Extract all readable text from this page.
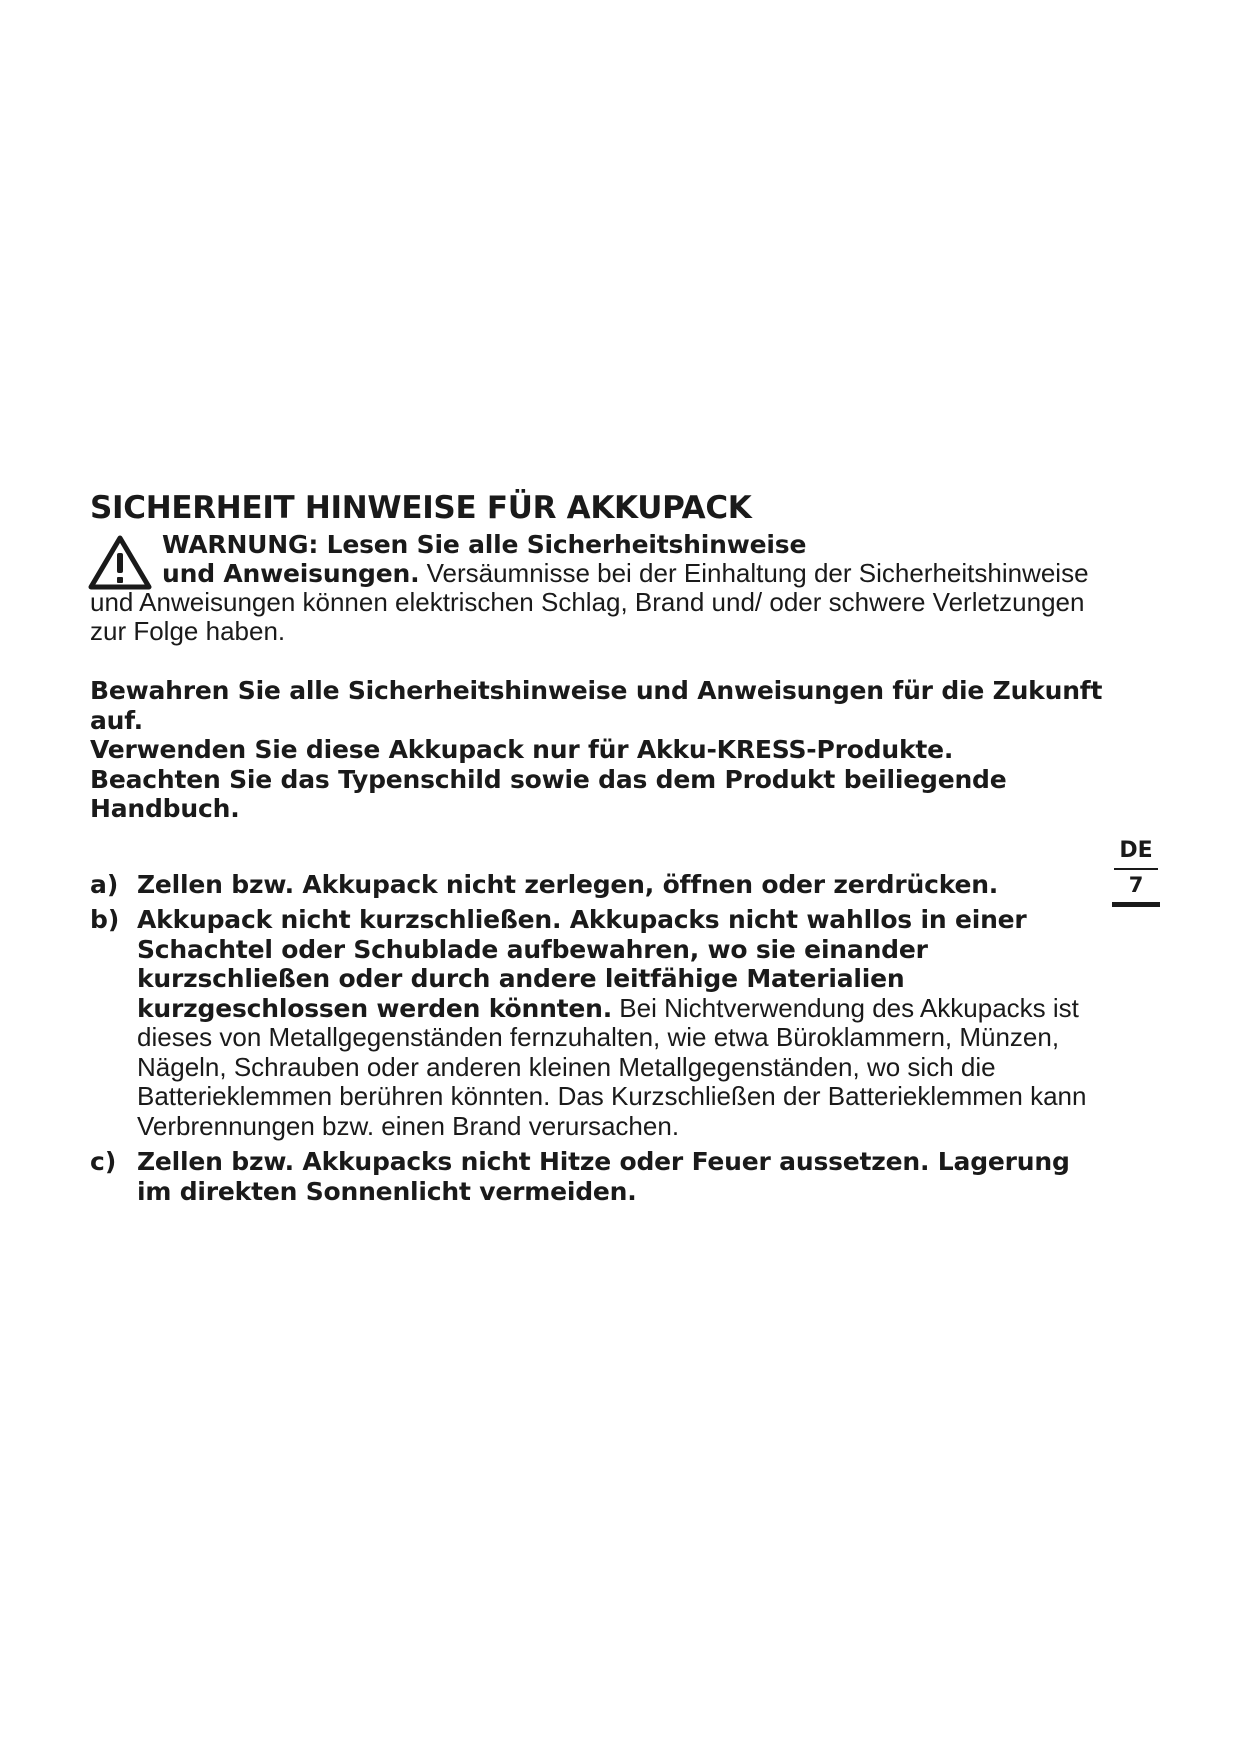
SICHERHEIT HINWEISE FÜR AKKUPACK
WARNUNG: Lesen Sie alle Sicherheitshinweise
und Anweisungen. Versäumnisse bei der Einhaltung der Sicherheitshinweise und Anweisungen können elektrischen Schlag, Brand und/ oder schwere Verletzungen zur Folge haben.

Bewahren Sie alle Sicherheitshinweise und Anweisungen für die Zukunft auf.

Verwenden Sie diese Akkupack nur für Akku-KRESS-Produkte.

Beachten Sie das Typenschild sowie das dem Produkt beiliegende Handbuch.

a) Zellen bzw. Akkupack nicht zerlegen, öffnen oder zerdrücken.
b) Akkupack nicht kurzschließen. Akkupacks nicht wahllos in einer Schachtel oder Schublade aufbewahren, wo sie einander kurzschließen oder durch andere leitfähige Materialien kurzgeschlossen werden könnten. Bei Nichtverwendung des Akkupacks ist dieses von Metallgegenständen fernzuhalten, wie etwa Büroklammern, Münzen, Nägeln, Schrauben oder anderen kleinen Metallgegenständen, wo sich die Batterieklemmen berühren könnten. Das Kurzschließen der Batterieklemmen kann Verbrennungen bzw. einen Brand verursachen.
c) Zellen bzw. Akkupacks nicht Hitze oder Feuer aussetzen. Lagerung im direkten Sonnenlicht vermeiden.
DE
7
